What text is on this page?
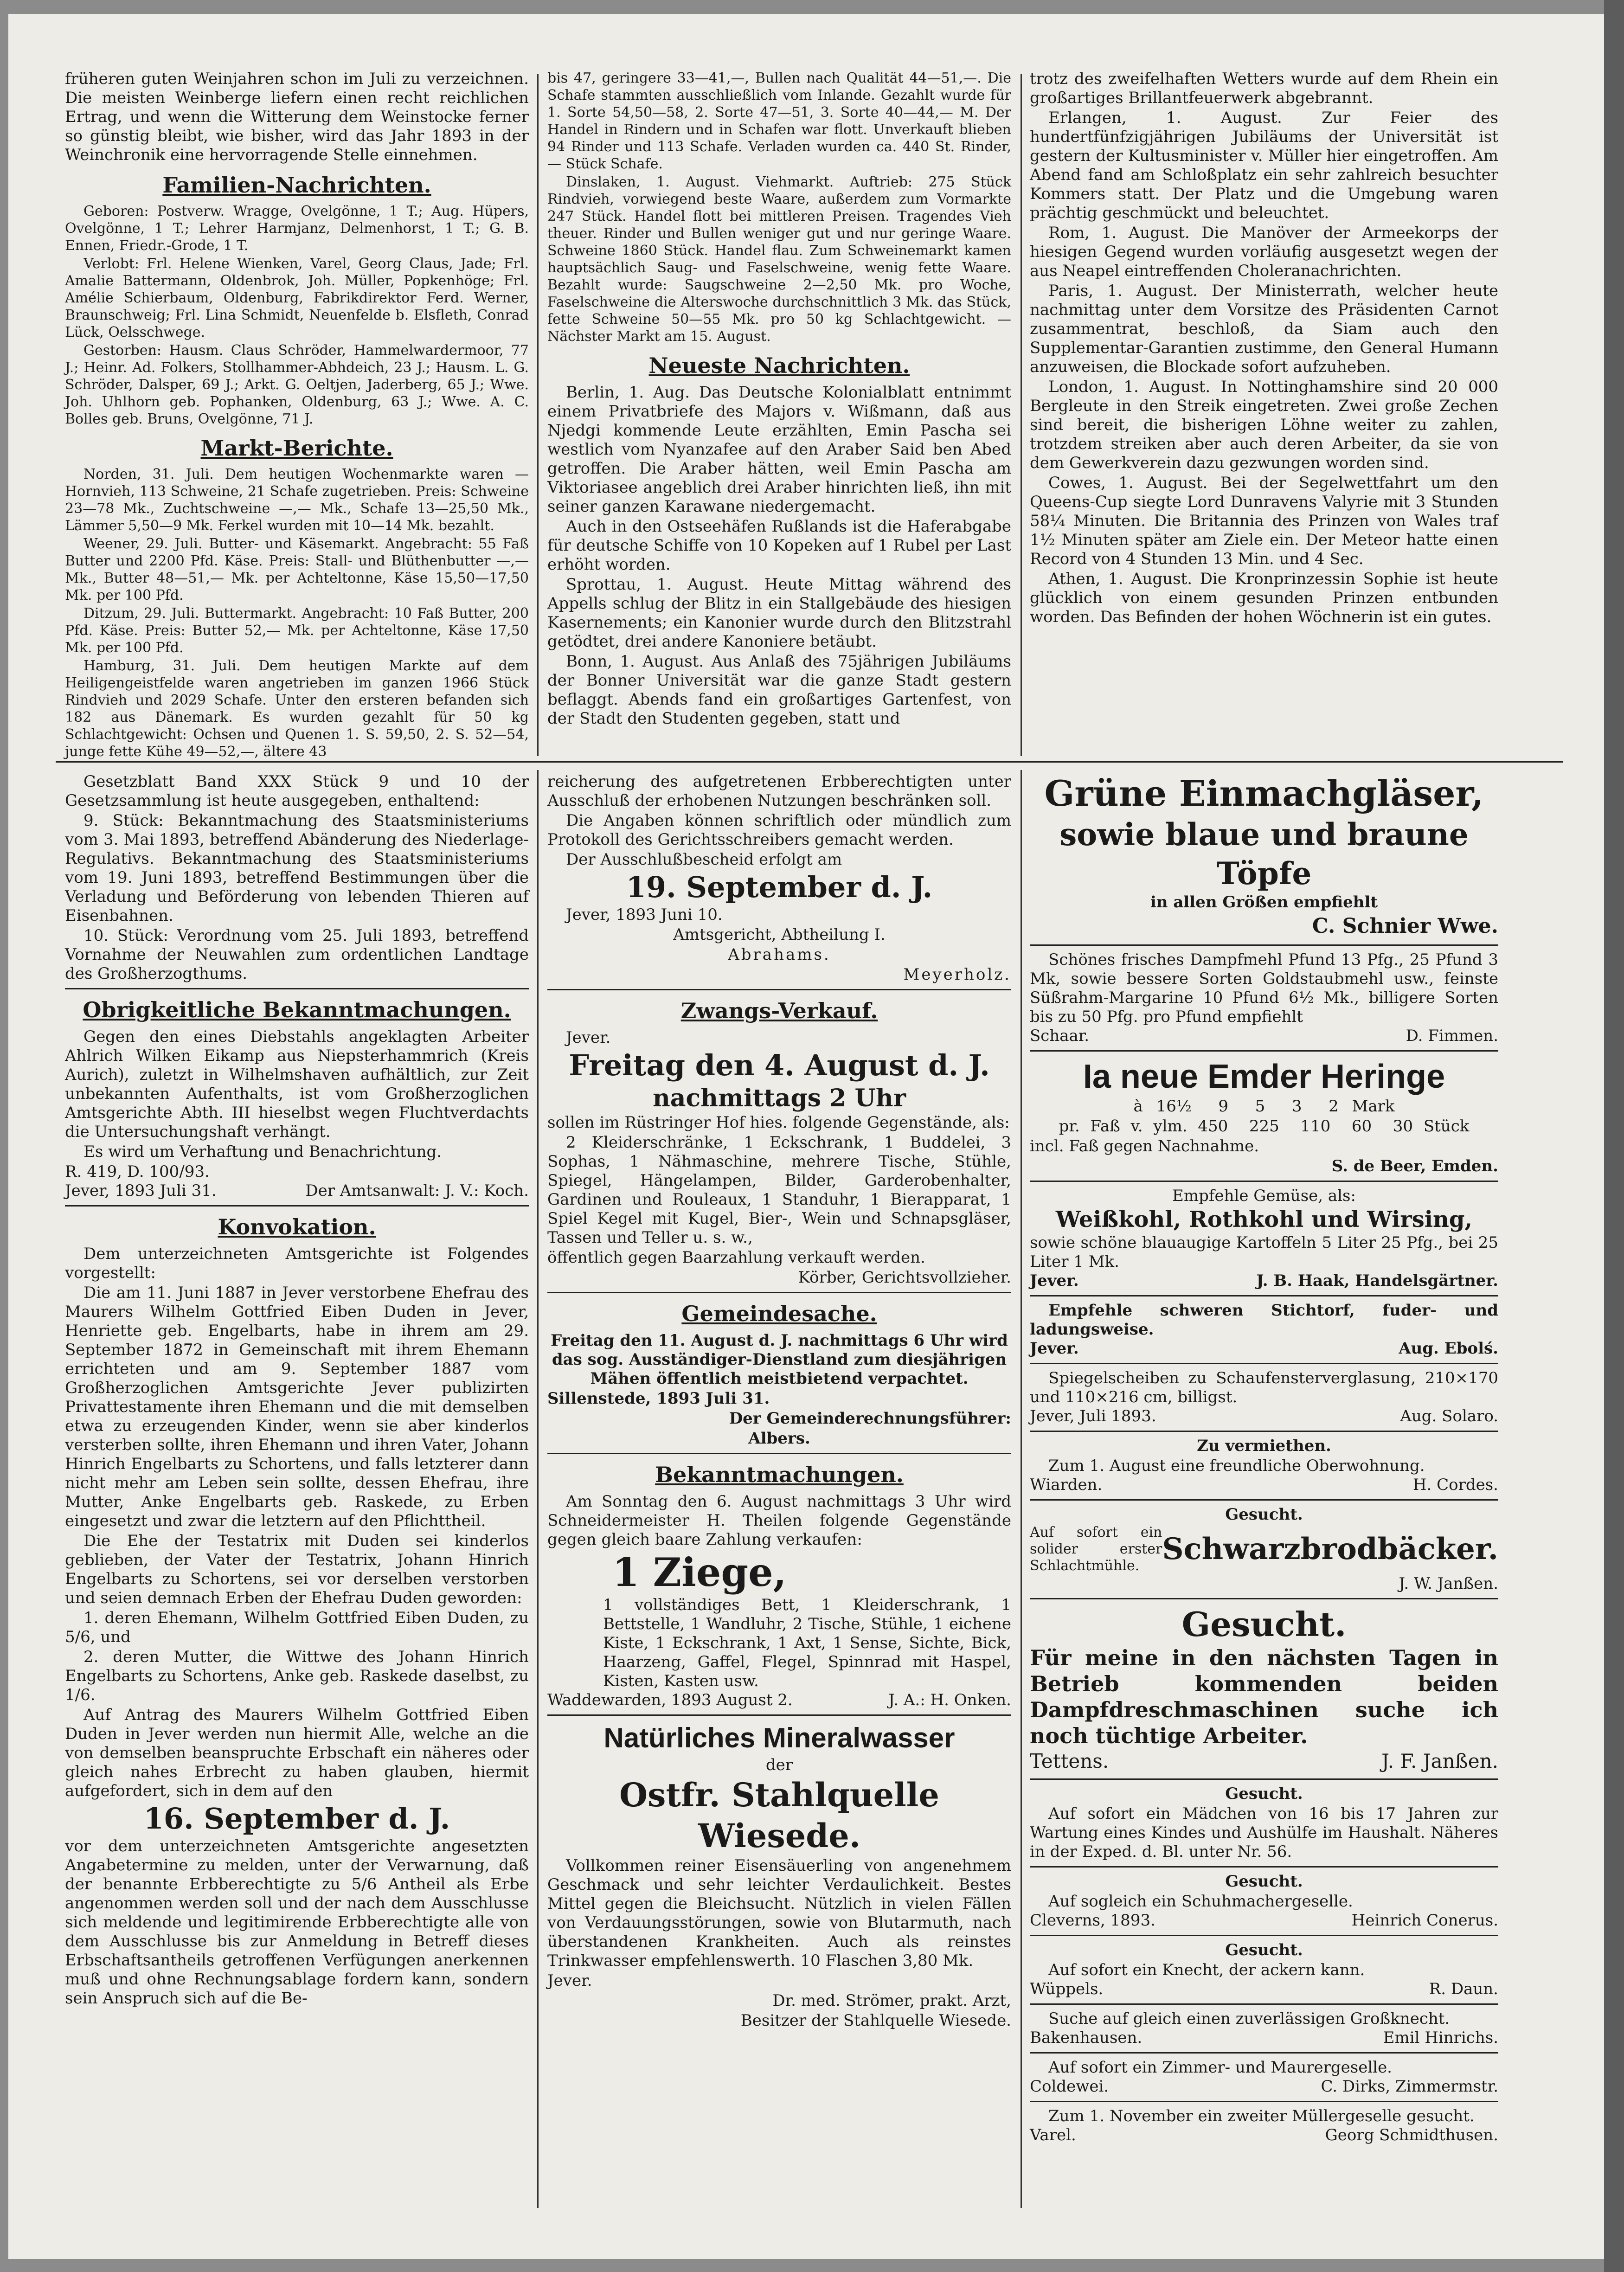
früheren guten Weinjahren schon im Juli zu verzeichnen. Die meisten Weinberge liefern einen recht reichlichen Ertrag, und wenn die Witterung dem Weinstocke ferner so günstig bleibt, wie bisher, wird das Jahr 1893 in der Weinchronik eine hervorragende Stelle einnehmen.

Familien-Nachrichten.

Geboren: Postverw. Wragge, Ovelgönne, 1 T.; Aug. Hüpers, Ovelgönne, 1 T.; Lehrer Harmjanz, Delmenhorst, 1 T.; G. B. Ennen, Friedr.-Grode, 1 T.

Verlobt: Frl. Helene Wienken, Varel, Georg Claus, Jade; Frl. Amalie Battermann, Oldenbrok, Joh. Müller, Popkenhöge; Frl. Amélie Schierbaum, Oldenburg, Fabrikdirektor Ferd. Werner, Braunschweig; Frl. Lina Schmidt, Neuenfelde b. Elsfleth, Conrad Lück, Oelsschwege.

Gestorben: Hausm. Claus Schröder, Hammelwardermoor, 77 J.; Heinr. Ad. Folkers, Stollhammer-Abhdeich, 23 J.; Hausm. L. G. Schröder, Dalsper, 69 J.; Arkt. G. Oeltjen, Jaderberg, 65 J.; Wwe. Joh. Uhlhorn geb. Pophanken, Oldenburg, 63 J.; Wwe. A. C. Bolles geb. Bruns, Ovelgönne, 71 J.

Markt-Berichte.

Norden, 31. Juli. Dem heutigen Wochenmarkte waren — Hornvieh, 113 Schweine, 21 Schafe zugetrieben. Preis: Schweine 23—78 Mk., Zuchtschweine —,— Mk., Schafe 13—25,50 Mk., Lämmer 5,50—9 Mk. Ferkel wurden mit 10—14 Mk. bezahlt.

Weener, 29. Juli. Butter- und Käsemarkt. Angebracht: 55 Faß Butter und 2200 Pfd. Käse. Preis: Stall- und Blüthenbutter —,— Mk., Butter 48—51,— Mk. per Achteltonne, Käse 15,50—17,50 Mk. per 100 Pfd.

Ditzum, 29. Juli. Buttermarkt. Angebracht: 10 Faß Butter, 200 Pfd. Käse. Preis: Butter 52,— Mk. per Achteltonne, Käse 17,50 Mk. per 100 Pfd.

Hamburg, 31. Juli. Dem heutigen Markte auf dem Heiligengeistfelde waren angetrieben im ganzen 1966 Stück Rindvieh und 2029 Schafe. Unter den ersteren befanden sich 182 aus Dänemark. Es wurden gezahlt für 50 kg Schlachtgewicht: Ochsen und Quenen 1. S. 59,50, 2. S. 52—54, junge fette Kühe 49—52,—, ältere 43

bis 47, geringere 33—41,—, Bullen nach Qualität 44—51,—. Die Schafe stammten ausschließlich vom Inlande. Gezahlt wurde für 1. Sorte 54,50—58, 2. Sorte 47—51, 3. Sorte 40—44,— M. Der Handel in Rindern und in Schafen war flott. Unverkauft blieben 94 Rinder und 113 Schafe. Verladen wurden ca. 440 St. Rinder, — Stück Schafe.

Dinslaken, 1. August. Viehmarkt. Auftrieb: 275 Stück Rindvieh, vorwiegend beste Waare, außerdem zum Vormarkte 247 Stück. Handel flott bei mittleren Preisen. Tragendes Vieh theuer. Rinder und Bullen weniger gut und nur geringe Waare. Schweine 1860 Stück. Handel flau. Zum Schweinemarkt kamen hauptsächlich Saug- und Faselschweine, wenig fette Waare. Bezahlt wurde: Saugschweine 2—2,50 Mk. pro Woche, Faselschweine die Alterswoche durchschnittlich 3 Mk. das Stück, fette Schweine 50—55 Mk. pro 50 kg Schlachtgewicht. — Nächster Markt am 15. August.

Neueste Nachrichten.

Berlin, 1. Aug. Das Deutsche Kolonialblatt entnimmt einem Privatbriefe des Majors v. Wißmann, daß aus Njedgi kommende Leute erzählten, Emin Pascha sei westlich vom Nyanzafee auf den Araber Said ben Abed getroffen. Die Araber hätten, weil Emin Pascha am Viktoriasee angeblich drei Araber hinrichten ließ, ihn mit seiner ganzen Karawane niedergemacht.

Auch in den Ostseehäfen Rußlands ist die Haferabgabe für deutsche Schiffe von 10 Kopeken auf 1 Rubel per Last erhöht worden.

Sprottau, 1. August. Heute Mittag während des Appells schlug der Blitz in ein Stallgebäude des hiesigen Kasernements; ein Kanonier wurde durch den Blitzstrahl getödtet, drei andere Kanoniere betäubt.

Bonn, 1. August. Aus Anlaß des 75jährigen Jubiläums der Bonner Universität war die ganze Stadt gestern beflaggt. Abends fand ein großartiges Gartenfest, von der Stadt den Studenten gegeben, statt und

trotz des zweifelhaften Wetters wurde auf dem Rhein ein großartiges Brillantfeuerwerk abgebrannt.

Erlangen, 1. August. Zur Feier des hundertfünfzigjährigen Jubiläums der Universität ist gestern der Kultusminister v. Müller hier eingetroffen. Am Abend fand am Schloßplatz ein sehr zahlreich besuchter Kommers statt. Der Platz und die Umgebung waren prächtig geschmückt und beleuchtet.

Rom, 1. August. Die Manöver der Armeekorps der hiesigen Gegend wurden vorläufig ausgesetzt wegen der aus Neapel eintreffenden Choleranachrichten.

Paris, 1. August. Der Ministerrath, welcher heute nachmittag unter dem Vorsitze des Präsidenten Carnot zusammentrat, beschloß, da Siam auch den Supplementar-Garantien zustimme, den General Humann anzuweisen, die Blockade sofort aufzuheben.

London, 1. August. In Nottinghamshire sind 20 000 Bergleute in den Streik eingetreten. Zwei große Zechen sind bereit, die bisherigen Löhne weiter zu zahlen, trotzdem streiken aber auch deren Arbeiter, da sie von dem Gewerkverein dazu gezwungen worden sind.

Cowes, 1. August. Bei der Segelwettfahrt um den Queens-Cup siegte Lord Dunravens Valyrie mit 3 Stunden 58¼ Minuten. Die Britannia des Prinzen von Wales traf 1½ Minuten später am Ziele ein. Der Meteor hatte einen Record von 4 Stunden 13 Min. und 4 Sec.

Athen, 1. August. Die Kronprinzessin Sophie ist heute glücklich von einem gesunden Prinzen entbunden worden. Das Befinden der hohen Wöchnerin ist ein gutes.

Gesetzblatt Band XXX Stück 9 und 10 der Gesetzsammlung ist heute ausgegeben, enthaltend:

9. Stück: Bekanntmachung des Staatsministeriums vom 3. Mai 1893, betreffend Abänderung des Niederlage-Regulativs. Bekanntmachung des Staatsministeriums vom 19. Juni 1893, betreffend Bestimmungen über die Verladung und Beförderung von lebenden Thieren auf Eisenbahnen.

10. Stück: Verordnung vom 25. Juli 1893, betreffend Vornahme der Neuwahlen zum ordentlichen Landtage des Großherzogthums.

Obrigkeitliche Bekanntmachungen.

Gegen den eines Diebstahls angeklagten Arbeiter Ahlrich Wilken Eikamp aus Niepsterhammrich (Kreis Aurich), zuletzt in Wilhelmshaven aufhältlich, zur Zeit unbekannten Aufenthalts, ist vom Großherzoglichen Amtsgerichte Abth. III hieselbst wegen Fluchtverdachts die Untersuchungshaft verhängt.

Es wird um Verhaftung und Benachrichtung.

R. 419, D. 100/93.

Jever, 1893 Juli 31.	Der Amtsanwalt: J. V.: Koch.
Konvokation.

Dem unterzeichneten Amtsgerichte ist Folgendes vorgestellt:

Die am 11. Juni 1887 in Jever verstorbene Ehefrau des Maurers Wilhelm Gottfried Eiben Duden in Jever, Henriette geb. Engelbarts, habe in ihrem am 29. September 1872 in Gemeinschaft mit ihrem Ehemann errichteten und am 9. September 1887 vom Großherzoglichen Amtsgerichte Jever publizirten Privattestamente ihren Ehemann und die mit demselben etwa zu erzeugenden Kinder, wenn sie aber kinderlos versterben sollte, ihren Ehemann und ihren Vater, Johann Hinrich Engelbarts zu Schortens, und falls letzterer dann nicht mehr am Leben sein sollte, dessen Ehefrau, ihre Mutter, Anke Engelbarts geb. Raskede, zu Erben eingesetzt und zwar die letztern auf den Pflichttheil.

Die Ehe der Testatrix mit Duden sei kinderlos geblieben, der Vater der Testatrix, Johann Hinrich Engelbarts zu Schortens, sei vor derselben verstorben und seien demnach Erben der Ehefrau Duden geworden:

1. deren Ehemann, Wilhelm Gottfried Eiben Duden, zu 5/6, und

2. deren Mutter, die Wittwe des Johann Hinrich Engelbarts zu Schortens, Anke geb. Raskede daselbst, zu 1/6.

Auf Antrag des Maurers Wilhelm Gottfried Eiben Duden in Jever werden nun hiermit Alle, welche an die von demselben beanspruchte Erbschaft ein näheres oder gleich nahes Erbrecht zu haben glauben, hiermit aufgefordert, sich in dem auf den

16. September d. J.

vor dem unterzeichneten Amtsgerichte angesetzten Angabetermine zu melden, unter der Verwarnung, daß der benannte Erbberechtigte zu 5/6 Antheil als Erbe angenommen werden soll und der nach dem Ausschlusse sich meldende und legitimirende Erbberechtigte alle von dem Ausschlusse bis zur Anmeldung in Betreff dieses Erbschaftsantheils getroffenen Verfügungen anerkennen muß und ohne Rechnungsablage fordern kann, sondern sein Anspruch sich auf die Be-

reicherung des aufgetretenen Erbberechtigten unter Ausschluß der erhobenen Nutzungen beschränken soll.

Die Angaben können schriftlich oder mündlich zum Protokoll des Gerichtsschreibers gemacht werden.

Der Ausschlußbescheid erfolgt am

19. September d. J.

Jever, 1893 Juni 10.

Amtsgericht, Abtheilung I.

Abrahams.

Meyerholz.

Zwangs-Verkauf.

Jever.

Freitag den 4. August d. J.
nachmittags 2 Uhr

sollen im Rüstringer Hof hies. folgende Gegenstände, als:

2 Kleiderschränke, 1 Eckschrank, 1 Buddelei, 3 Sophas, 1 Nähmaschine, mehrere Tische, Stühle, Spiegel, Hängelampen, Bilder, Garderobenhalter, Gardinen und Rouleaux, 1 Standuhr, 1 Bierapparat, 1 Spiel Kegel mit Kugel, Bier-, Wein und Schnapsgläser, Tassen und Teller u. s. w.,

öffentlich gegen Baarzahlung verkauft werden.

Körber, Gerichtsvollzieher.

Gemeindesache.

Freitag den 11. August d. J. nachmittags 6 Uhr wird das sog. Ausständiger-Dienstland zum diesjährigen Mähen öffentlich meistbietend verpachtet.

Sillenstede, 1893 Juli 31.

Der Gemeinderechnungsführer:

Albers.

Bekanntmachungen.

Am Sonntag den 6. August nachmittags 3 Uhr wird Schneidermeister H. Theilen folgende Gegenstände gegen gleich baare Zahlung verkaufen:

1 Ziege,

1 vollständiges Bett, 1 Kleiderschrank, 1 Bettstelle, 1 Wandluhr, 2 Tische, Stühle, 1 eichene Kiste, 1 Eckschrank, 1 Axt, 1 Sense, Sichte, Bick, Haarzeng, Gaffel, Flegel, Spinnrad mit Haspel, Kisten, Kasten usw.

Waddewarden, 1893 August 2.	J. A.: H. Onken.
Natürliches Mineralwasser

der

Ostfr. Stahlquelle Wiesede.

Vollkommen reiner Eisensäuerling von angenehmem Geschmack und sehr leichter Verdaulichkeit. Bestes Mittel gegen die Bleichsucht. Nützlich in vielen Fällen von Verdauungsstörungen, sowie von Blutarmuth, nach überstandenen Krankheiten. Auch als reinstes Trinkwasser empfehlenswerth. 10 Flaschen 3,80 Mk.

Jever.

Dr. med. Strömer, prakt. Arzt,

Besitzer der Stahlquelle Wiesede.

Grüne Einmachgläser,
sowie blaue und braune Töpfe

in allen Größen empfiehlt

C. Schnier Wwe.

Schönes frisches Dampfmehl Pfund 13 Pfg., 25 Pfund 3 Mk, sowie bessere Sorten Goldstaubmehl usw., feinste Süßrahm-Margarine 10 Pfund 6½ Mk., billigere Sorten bis zu 50 Pfg. pro Pfund empfiehlt

Schaar.	D. Fimmen.
Ia neue Emder Heringe

à 16½  9  5  3  2 Mark

pr. Faß v. ylm. 450  225  110  60  30 Stück

incl. Faß gegen Nachnahme.

S. de Beer, Emden.

Empfehle Gemüse, als:

Weißkohl, Rothkohl und Wirsing,

sowie schöne blauaugige Kartoffeln 5 Liter 25 Pfg., bei 25 Liter 1 Mk.

Jever.	J. B. Haak, Handelsgärtner.

Empfehle schweren Stichtorf, fuder- und ladungsweise.

Jever.	Aug. Ebolś.

Spiegelscheiben zu Schaufensterverglasung, 210×170 und 110×216 cm, billigst.

Jever, Juli 1893.	Aug. Solaro.

Zu vermiethen.

Zum 1. August eine freundliche Oberwohnung.

Wiarden.	H. Cordes.

Gesucht.

Auf sofort ein solider erster Schlachtmühle. Schwarzbrodbäcker.

J. W. Janßen.

Gesucht.

Für meine in den nächsten Tagen in Betrieb kommenden beiden Dampfdreschmaschinen suche ich noch tüchtige Arbeiter.

Tettens.	J. F. Janßen.

Gesucht.

Auf sofort ein Mädchen von 16 bis 17 Jahren zur Wartung eines Kindes und Aushülfe im Haushalt. Näheres in der Exped. d. Bl. unter Nr. 56.

Gesucht.

Auf sogleich ein Schuhmachergeselle.

Cleverns, 1893.	Heinrich Conerus.

Gesucht.

Auf sofort ein Knecht, der ackern kann.

Wüppels.	R. Daun.

Suche auf gleich einen zuverlässigen Großknecht.

Bakenhausen.	Emil Hinrichs.

Auf sofort ein Zimmer- und Maurergeselle.

Coldewei.	C. Dirks, Zimmermstr.

Zum 1. November ein zweiter Müllergeselle gesucht.

Varel.	Georg Schmidthusen.
